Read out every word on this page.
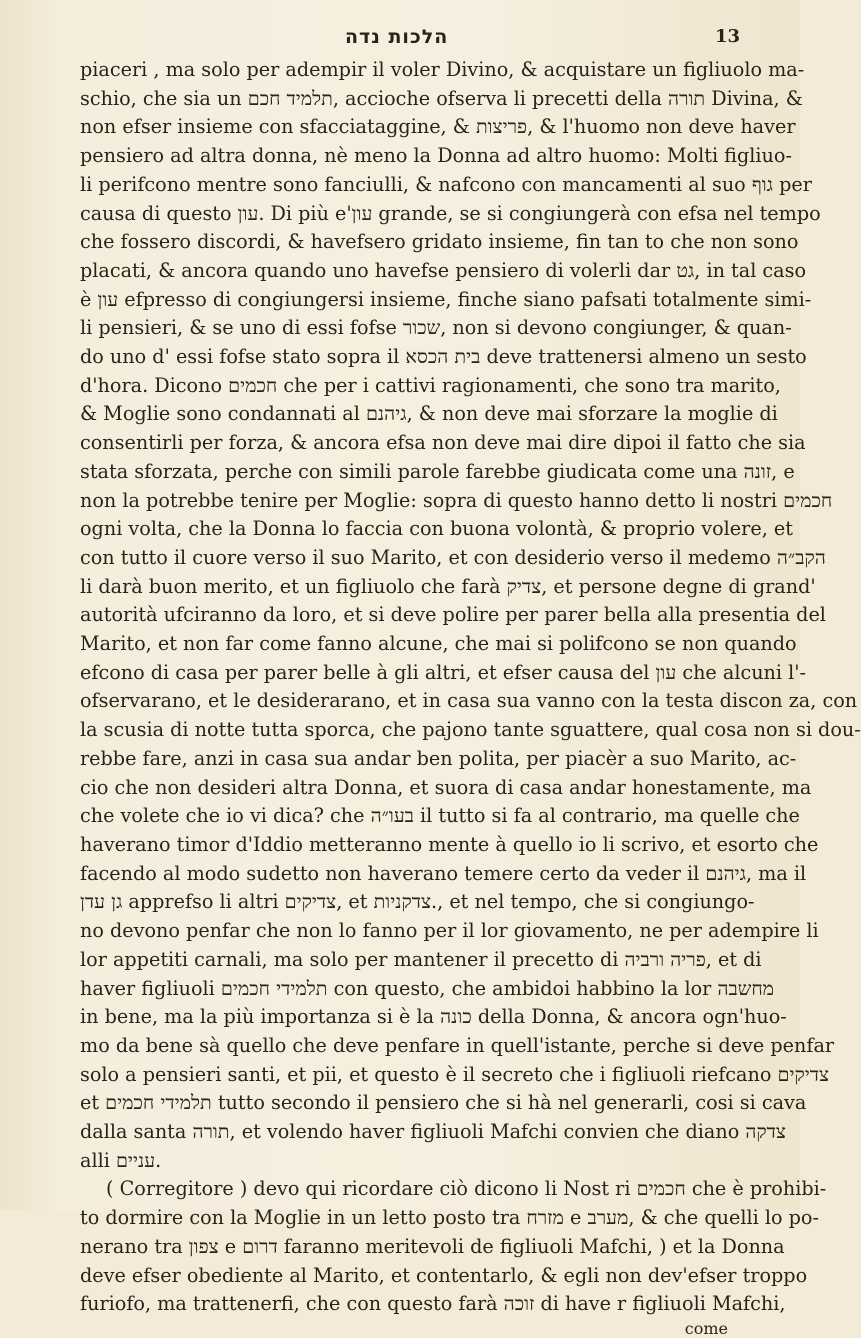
הלכות נדה	13
piaceri , ma solo per adempir il voler Divino, & acquistare un figliuolo ma-
schio, che sia un תלמיד חכם, accioche ofserva li precetti della תורה Divina, &
non efser insieme con sfacciataggine, & פריצות, & l'huomo non deve haver
pensiero ad altra donna, nè meno la Donna ad altro huomo: Molti figliuo-
li perifcono mentre sono fanciulli, & nafcono con mancamenti al suo גוף per
causa di questo עון. Di più e'עון grande, se si congiungerà con efsa nel tempo
che fossero discordi, & havefsero gridato insieme, fin tan to che non sono
placati, & ancora quando uno havefse pensiero di volerli dar גט, in tal caso
è עון efpresso di congiungersi insieme, finche siano pafsati totalmente simi-
li pensieri, & se uno di essi fofse שכור, non si devono congiunger, & quan-
do uno d' essi fofse stato sopra il בית הכסא deve trattenersi almeno un sesto
d'hora. Dicono חכמים che per i cattivi ragionamenti, che sono tra marito,
& Moglie sono condannati al גיהנם, & non deve mai sforzare la moglie di
consentirli per forza, & ancora efsa non deve mai dire dipoi il fatto che sia
stata sforzata, perche con simili parole farebbe giudicata come una זונה, e
non la potrebbe tenire per Moglie: sopra di questo hanno detto li nostri חכמים
ogni volta, che la Donna lo faccia con buona volontà, & proprio volere, et
con tutto il cuore verso il suo Marito, et con desiderio verso il medemo הקב״ה
li darà buon merito, et un figliuolo che farà צדיק, et persone degne di grand'
autorità ufciranno da loro, et si deve polire per parer bella alla presentia del
Marito, et non far come fanno alcune, che mai si polifcono se non quando
efcono di casa per parer belle à gli altri, et efser causa del עון che alcuni l'-
ofservarano, et le desiderarano, et in casa sua vanno con la testa discon za, con
la scusia di notte tutta sporca, che pajono tante sguattere, qual cosa non si dou-
rebbe fare, anzi in casa sua andar ben polita, per piacèr a suo Marito, ac-
cio che non desideri altra Donna, et suora di casa andar honestamente, ma
che volete che io vi dica? che בעו״ה il tutto si fa al contrario, ma quelle che
haverano timor d'Iddio metteranno mente à quello io li scrivo, et esorto che
facendo al modo sudetto non haverano temere certo da veder il גיהנם, ma il
גן עדן apprefso li altri צדיקים, et צדקניות., et nel tempo, che si congiungo-
no devono penfar che non lo fanno per il lor giovamento, ne per adempire li
lor appetiti carnali, ma solo per mantener il precetto di פריה ורביה, et di
haver figliuoli תלמידי חכמים con questo, che ambidoi habbino la lor מחשבה
in bene, ma la più importanza si è la כונה della Donna, & ancora ogn'huo-
mo da bene sà quello che deve penfare in quell'istante, perche si deve penfar
solo a pensieri santi, et pii, et questo è il secreto che i figliuoli riefcano צדיקים
et תלמידי חכמים tutto secondo il pensiero che si hà nel generarli, cosi si cava
dalla santa תורה, et volendo haver figliuoli Mafchi convien che diano צדקה
alli עניים.
( Corregitore ) devo qui ricordare ciò dicono li Nost ri חכמים che è prohibi-
to dormire con la Moglie in un letto posto tra מזרח e מערב, & che quelli lo po-
nerano tra צפון e דרום faranno meritevoli de figliuoli Mafchi, ) et la Donna
deve efser obediente al Marito, et contentarlo, & egli non dev'efser troppo
furiofo, ma trattenerfi, che con questo farà זוכה di have r figliuoli Mafchi,
come
